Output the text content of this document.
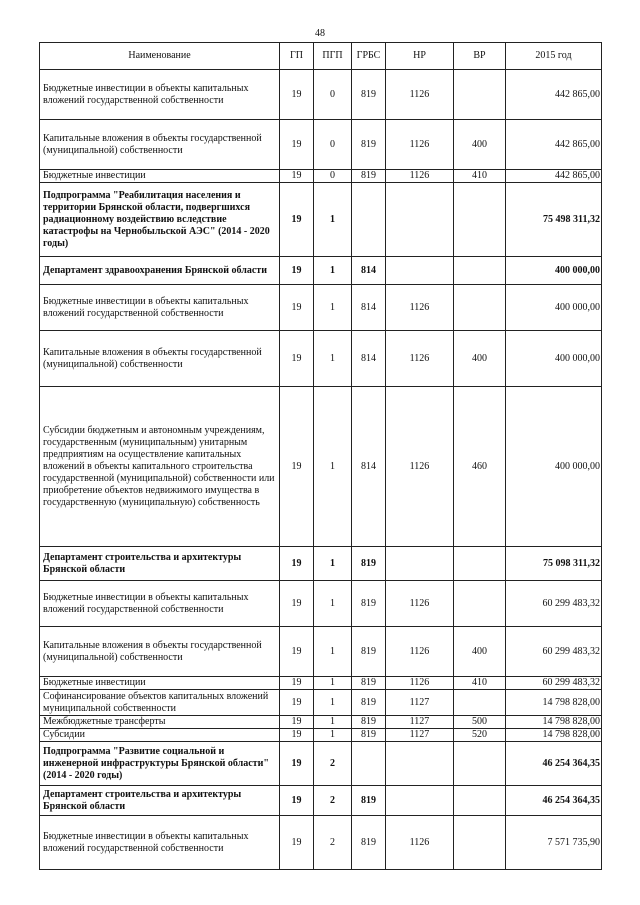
48
Наименование	ГП	ПГП	ГРБС	НР	ВР	2015 год
Бюджетные инвестиции в объекты капитальных вложений государственной собственности	19	0	819	1126		442 865,00
Капитальные вложения в объекты государственной (муниципальной) собственности	19	0	819	1126	400	442 865,00
Бюджетные инвестиции	19	0	819	1126	410	442 865,00
Подпрограмма "Реабилитация населения и территории Брянской области, подвергшихся радиационному воздействию вследствие катастрофы на Чернобыльской АЭС" (2014 - 2020 годы)	19	1				75 498 311,32
Департамент здравоохранения Брянской области	19	1	814			400 000,00
Бюджетные инвестиции в объекты капитальных вложений государственной собственности	19	1	814	1126		400 000,00
Капитальные вложения в объекты государственной (муниципальной) собственности	19	1	814	1126	400	400 000,00
Субсидии бюджетным и автономным учреждениям, государственным (муниципальным) унитарным предприятиям на осуществление капитальных вложений в объекты капитального строительства государственной (муниципальной) собственности или приобретение объектов недвижимого имущества в государственную (муниципальную) собственность	19	1	814	1126	460	400 000,00
Департамент строительства и архитектуры Брянской области	19	1	819			75 098 311,32
Бюджетные инвестиции в объекты капитальных вложений государственной собственности	19	1	819	1126		60 299 483,32
Капитальные вложения в объекты государственной (муниципальной) собственности	19	1	819	1126	400	60 299 483,32
Бюджетные инвестиции	19	1	819	1126	410	60 299 483,32
Софинансирование объектов капитальных вложений муниципальной собственности	19	1	819	1127		14 798 828,00
Межбюджетные трансферты	19	1	819	1127	500	14 798 828,00
Субсидии	19	1	819	1127	520	14 798 828,00
Подпрограмма "Развитие социальной и инженерной инфраструктуры Брянской области" (2014 - 2020 годы)	19	2				46 254 364,35
Департамент строительства и архитектуры Брянской области	19	2	819			46 254 364,35
Бюджетные инвестиции в объекты капитальных вложений государственной собственности	19	2	819	1126		7 571 735,90
